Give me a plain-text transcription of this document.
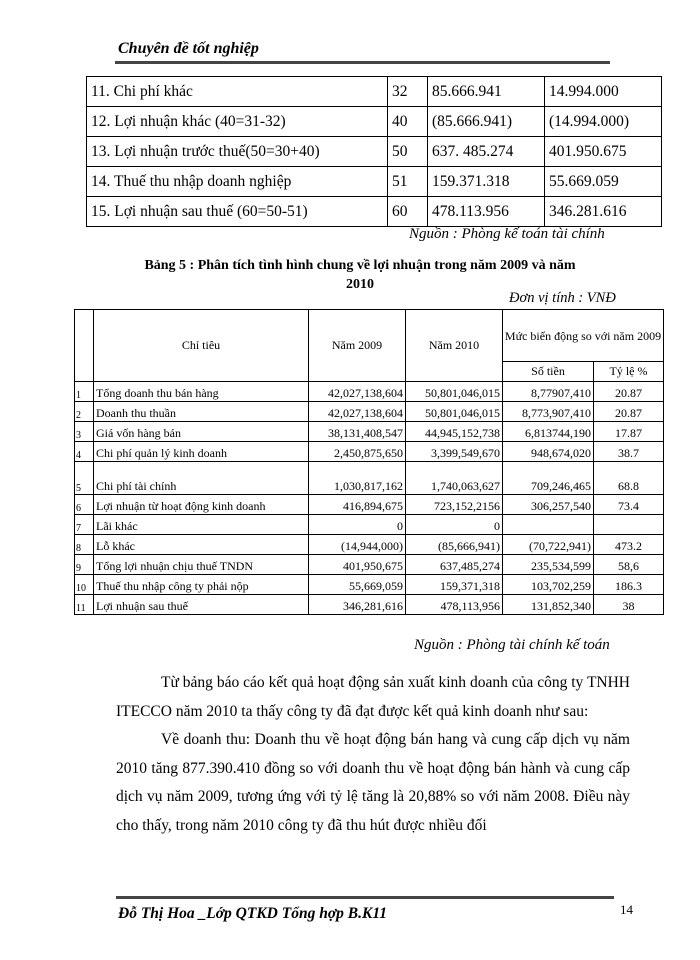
Chuyên đề tốt nghiệp
11. Chi phí khác	32	85.666.941	14.994.000
12. Lợi nhuận khác (40=31-32)	40	(85.666.941)	(14.994.000)
13. Lợi nhuận trước thuế(50=30+40)	50	637. 485.274	401.950.675
14. Thuế thu nhập doanh nghiệp	51	159.371.318	55.669.059
15. Lợi nhuận sau thuế (60=50-51)	60	478.113.956	346.281.616
Nguồn : Phòng kế toán tài chính
Bảng 5 : Phân tích tình hình chung về lợi nhuận trong năm 2009 và năm
2010
Đơn vị tính : VNĐ
	Chỉ tiêu	Năm 2009	Năm 2010	Mức biến động so với năm 2009	
				Số tiền	Tỷ lệ %
1	Tổng doanh thu bán hàng	42,027,138,604	50,801,046,015	8,77907,410	20.87
2	Doanh thu thuần	42,027,138,604	50,801,046,015	8,773,907,410	20.87
3	Giá vốn hàng bán	38,131,408,547	44,945,152,738	6,813744,190	17.87
4	Chi phí quản lý kinh doanh	2,450,875,650	3,399,549,670	948,674,020	38.7
5	Chi phí tài chính	1,030,817,162	1,740,063,627	709,246,465	68.8
6	Lợi nhuận từ hoạt động kinh doanh	416,894,675	723,152,2156	306,257,540	73.4
7	Lãi khác	0	0		
8	Lỗ khác	(14,944,000)	(85,666,941)	(70,722,941)	473.2
9	Tổng lợi nhuận chịu thuế TNDN	401,950,675	637,485,274	235,534,599	58,6
10	Thuế thu nhập công ty phải nộp	55,669,059	159,371,318	103,702,259	186.3
11	Lợi nhuận sau thuế	346,281,616	478,113,956	131,852,340	38
Nguồn : Phòng tài chính kế toán

Từ bảng báo cáo kết quả hoạt động sản xuất kinh doanh của công ty TNHH ITECCO năm 2010 ta thấy công ty đã đạt được kết quả kinh doanh như sau:

Về doanh thu: Doanh thu về hoạt động bán hang và cung cấp dịch vụ năm 2010 tăng 877.390.410 đồng so với doanh thu về hoạt động bán hành và cung cấp dịch vụ năm 2009, tương ứng với tỷ lệ tăng là 20,88% so với năm 2008. Điều này cho thấy, trong năm 2010 công ty đã thu hút được nhiều đối

Đỗ Thị Hoa _Lớp QTKD Tổng hợp B.K11	14
